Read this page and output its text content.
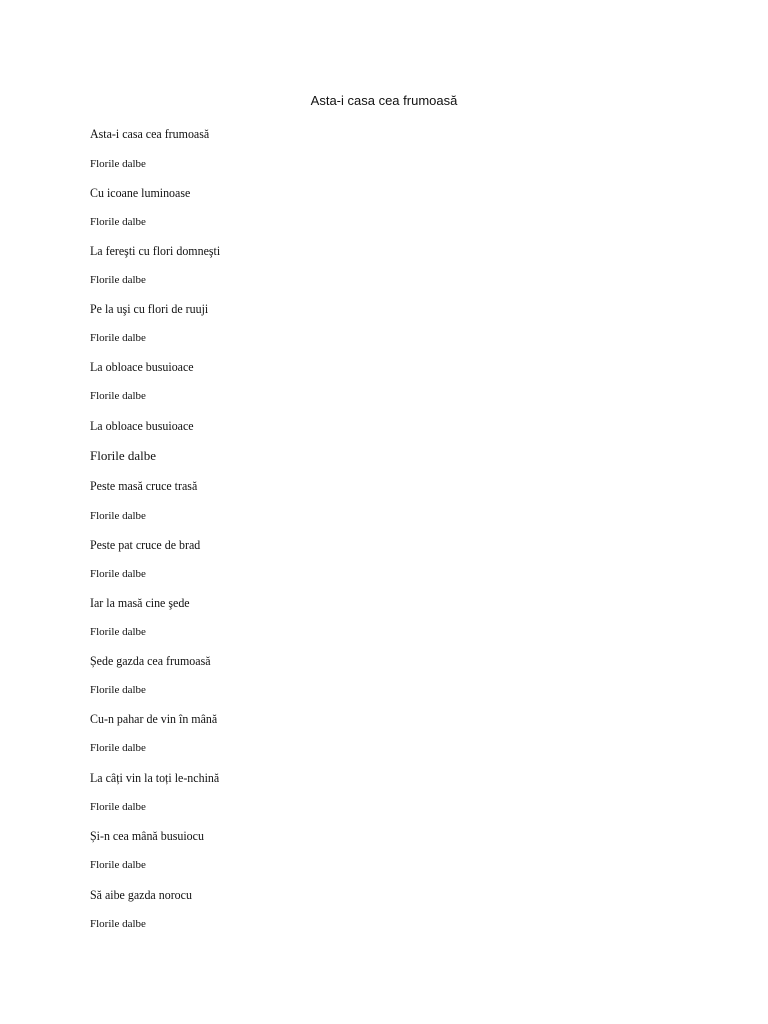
Asta-i casa cea frumoasă
Asta-i casa cea frumoasă
Florile dalbe
Cu icoane luminoase
Florile dalbe
La fereşti cu flori domneşti
Florile dalbe
Pe la uşi cu flori de ruuji
Florile dalbe
La obloace busuioace
Florile dalbe
La obloace busuioace
Florile dalbe
Peste masă cruce trasă
Florile dalbe
Peste pat cruce de brad
Florile dalbe
Iar la masă cine şede
Florile dalbe
Șede gazda cea frumoasă
Florile dalbe
Cu-n pahar de vin în mână
Florile dalbe
La câți vin la toți le-nchină
Florile dalbe
Și-n cea mână busuiocu
Florile dalbe
Să aibe gazda norocu
Florile dalbe
